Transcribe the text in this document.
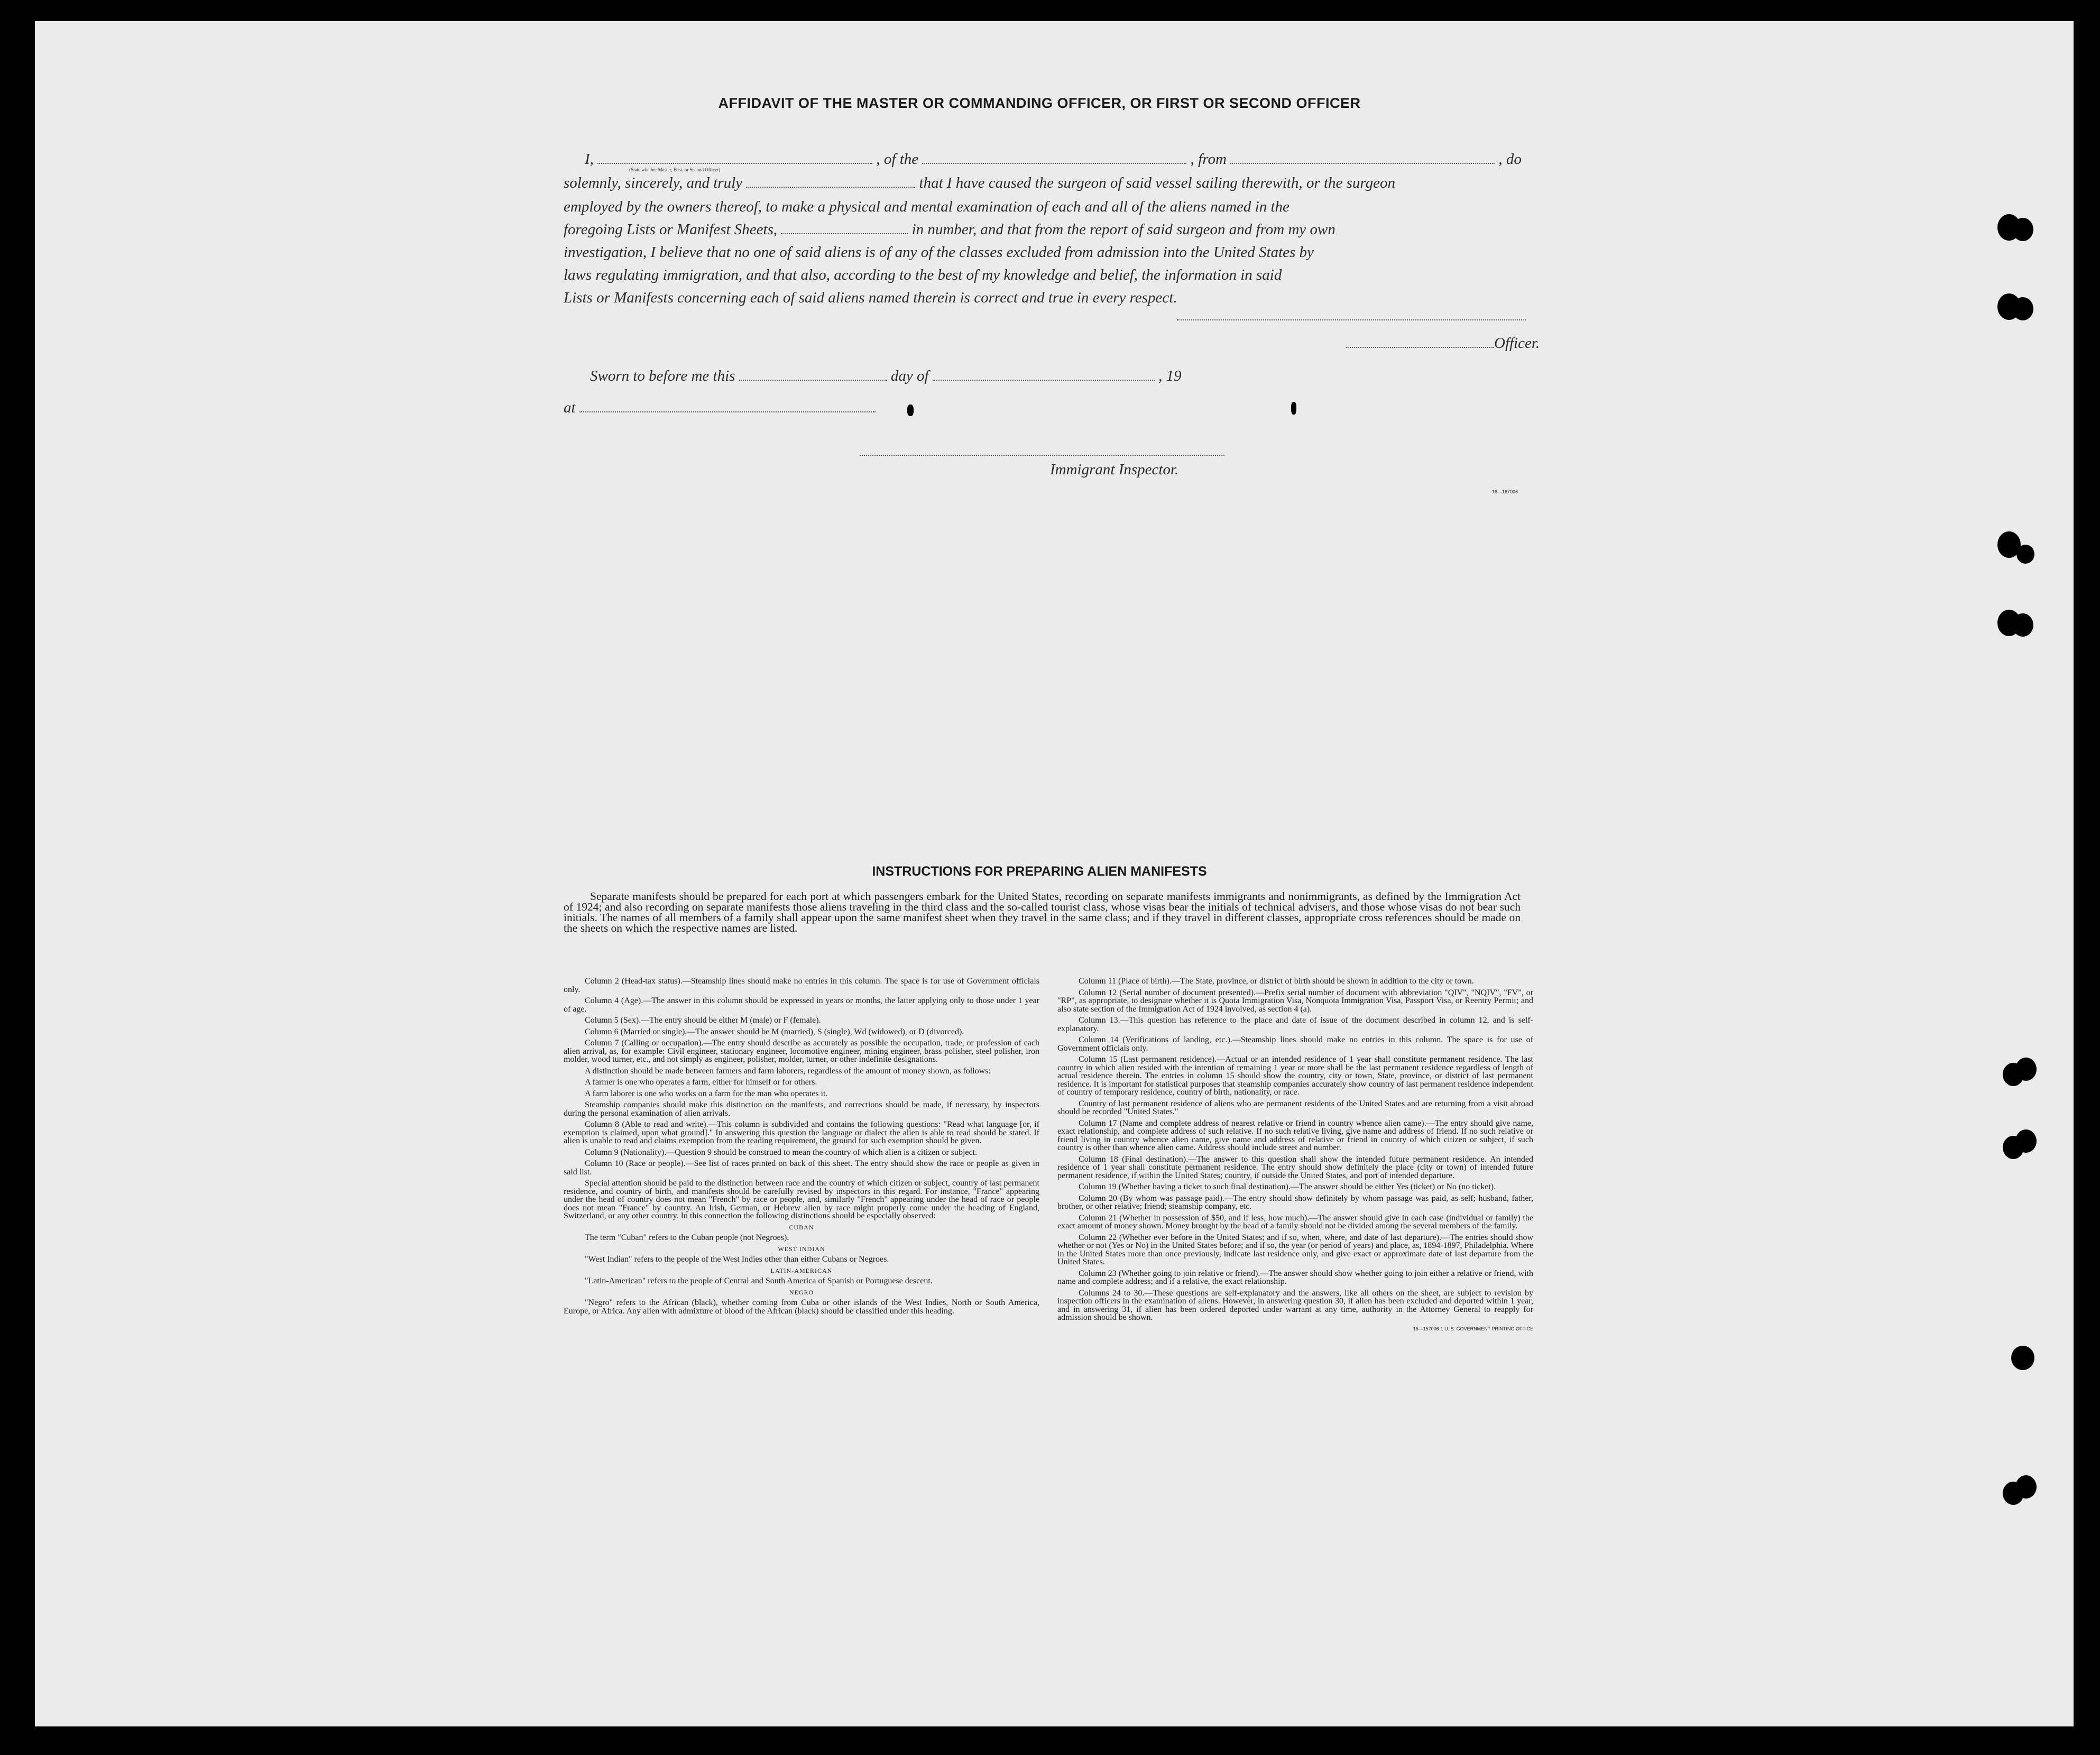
AFFIDAVIT OF THE MASTER OR COMMANDING OFFICER, OR FIRST OR SECOND OFFICER
I,
(State whether Master, First, or Second Officer)
, of the	, from	, do
solemnly, sincerely, and truly	that I have caused the surgeon of said vessel sailing therewith, or the surgeon
employed by the owners thereof, to make a physical and mental examination of each and all of the aliens named in the
foregoing Lists or Manifest Sheets,	in number, and that from the report of said surgeon and from my own
investigation, I believe that no one of said aliens is of any of the classes excluded from admission into the United States by
laws regulating immigration, and that also, according to the best of my knowledge and belief, the information in said
Lists or Manifests concerning each of said aliens named therein is correct and true in every respect.
Officer.
Sworn to before me this	day of	, 19
at
Immigrant Inspector.
16—167006
INSTRUCTIONS FOR PREPARING ALIEN MANIFESTS
Separate manifests should be prepared for each port at which passengers embark for the United States, recording on separate manifests immigrants and nonimmigrants, as defined by the Immigration Act of 1924; and also recording on separate manifests those aliens traveling in the third class and the so-called tourist class, whose visas bear the initials of technical advisers, and those whose visas do not bear such initials. The names of all members of a family shall appear upon the same manifest sheet when they travel in the same class; and if they travel in different classes, appropriate cross references should be made on the sheets on which the respective names are listed.

Column 2 (Head-tax status).—Steamship lines should make no entries in this column. The space is for use of Government officials only.

Column 4 (Age).—The answer in this column should be expressed in years or months, the latter applying only to those under 1 year of age.

Column 5 (Sex).—The entry should be either M (male) or F (female).

Column 6 (Married or single).—The answer should be M (married), S (single), Wd (widowed), or D (divorced).

Column 7 (Calling or occupation).—The entry should describe as accurately as possible the occupation, trade, or profession of each alien arrival, as, for example: Civil engineer, stationary engineer, locomotive engineer, mining engineer, brass polisher, steel polisher, iron molder, wood turner, etc., and not simply as engineer, polisher, molder, turner, or other indefinite designations.

A distinction should be made between farmers and farm laborers, regardless of the amount of money shown, as follows:

A farmer is one who operates a farm, either for himself or for others.

A farm laborer is one who works on a farm for the man who operates it.

Steamship companies should make this distinction on the manifests, and corrections should be made, if necessary, by inspectors during the personal examination of alien arrivals.

Column 8 (Able to read and write).—This column is subdivided and contains the following questions: "Read what language [or, if exemption is claimed, upon what ground]." In answering this question the language or dialect the alien is able to read should be stated. If alien is unable to read and claims exemption from the reading requirement, the ground for such exemption should be given.

Column 9 (Nationality).—Question 9 should be construed to mean the country of which alien is a citizen or subject.

Column 10 (Race or people).—See list of races printed on back of this sheet. The entry should show the race or people as given in said list.

Special attention should be paid to the distinction between race and the country of which citizen or subject, country of last permanent residence, and country of birth, and manifests should be carefully revised by inspectors in this regard. For instance, "France" appearing under the head of country does not mean "French" by race or people, and, similarly "French" appearing under the head of race or people does not mean "France" by country. An Irish, German, or Hebrew alien by race might properly come under the heading of England, Switzerland, or any other country. In this connection the following distinctions should be especially observed:

CUBAN

The term "Cuban" refers to the Cuban people (not Negroes).

WEST INDIAN

"West Indian" refers to the people of the West Indies other than either Cubans or Negroes.

LATIN-AMERICAN

"Latin-American" refers to the people of Central and South America of Spanish or Portuguese descent.

NEGRO

"Negro" refers to the African (black), whether coming from Cuba or other islands of the West Indies, North or South America, Europe, or Africa. Any alien with admixture of blood of the African (black) should be classified under this heading.

Column 11 (Place of birth).—The State, province, or district of birth should be shown in addition to the city or town.

Column 12 (Serial number of document presented).—Prefix serial number of document with abbreviation "QIV", "NQIV", "FV", or "RP", as appropriate, to designate whether it is Quota Immigration Visa, Nonquota Immigration Visa, Passport Visa, or Reentry Permit; and also state section of the Immigration Act of 1924 involved, as section 4 (a).

Column 13.—This question has reference to the place and date of issue of the document described in column 12, and is self-explanatory.

Column 14 (Verifications of landing, etc.).—Steamship lines should make no entries in this column. The space is for use of Government officials only.

Column 15 (Last permanent residence).—Actual or an intended residence of 1 year shall constitute permanent residence. The last country in which alien resided with the intention of remaining 1 year or more shall be the last permanent residence regardless of length of actual residence therein. The entries in column 15 should show the country, city or town, State, province, or district of last permanent residence. It is important for statistical purposes that steamship companies accurately show country of last permanent residence independent of country of temporary residence, country of birth, nationality, or race.

Country of last permanent residence of aliens who are permanent residents of the United States and are returning from a visit abroad should be recorded "United States."

Column 17 (Name and complete address of nearest relative or friend in country whence alien came).—The entry should give name, exact relationship, and complete address of such relative. If no such relative living, give name and address of friend. If no such relative or friend living in country whence alien came, give name and address of relative or friend in country of which citizen or subject, if such country is other than whence alien came. Address should include street and number.

Column 18 (Final destination).—The answer to this question shall show the intended future permanent residence. An intended residence of 1 year shall constitute permanent residence. The entry should show definitely the place (city or town) of intended future permanent residence, if within the United States; country, if outside the United States, and port of intended departure.

Column 19 (Whether having a ticket to such final destination).—The answer should be either Yes (ticket) or No (no ticket).

Column 20 (By whom was passage paid).—The entry should show definitely by whom passage was paid, as self; husband, father, brother, or other relative; friend; steamship company, etc.

Column 21 (Whether in possession of $50, and if less, how much).—The answer should give in each case (individual or family) the exact amount of money shown. Money brought by the head of a family should not be divided among the several members of the family.

Column 22 (Whether ever before in the United States; and if so, when, where, and date of last departure).—The entries should show whether or not (Yes or No) in the United States before; and if so, the year (or period of years) and place, as, 1894-1897, Philadelphia. Where in the United States more than once previously, indicate last residence only, and give exact or approximate date of last departure from the United States.

Column 23 (Whether going to join relative or friend).—The answer should show whether going to join either a relative or friend, with name and complete address; and if a relative, the exact relationship.

Columns 24 to 30.—These questions are self-explanatory and the answers, like all others on the sheet, are subject to revision by inspection officers in the examination of aliens. However, in answering question 30, if alien has been excluded and deported within 1 year, and in answering 31, if alien has been ordered deported under warrant at any time, authority in the Attorney General to reapply for admission should be shown.

16—157006-1 U. S. GOVERNMENT PRINTING OFFICE
